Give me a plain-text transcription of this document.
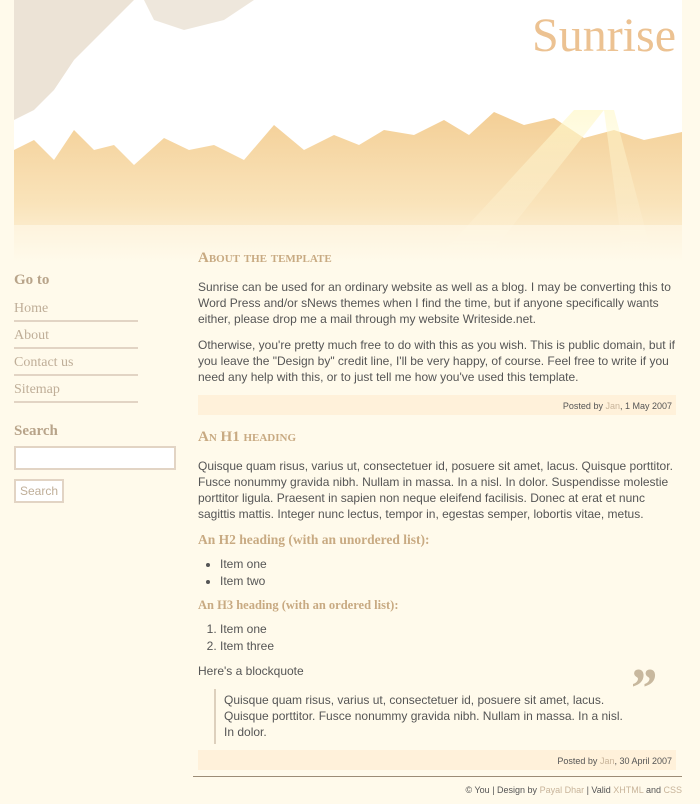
Sunrise
Go to
Home
About
Contact us
Sitemap
Search
Search
About the template

Sunrise can be used for an ordinary website as well as a blog. I may be converting this to Word Press and/or sNews themes when I find the time, but if anyone specifically wants either, please drop me a mail through my website Writeside.net.

Otherwise, you're pretty much free to do with this as you wish. This is public domain, but if you leave the "Design by" credit line, I'll be very happy, of course. Feel free to write if you need any help with this, or to just tell me how you've used this template.

Posted by Jan, 1 May 2007
An H1 heading

Quisque quam risus, varius ut, consectetuer id, posuere sit amet, lacus. Quisque porttitor. Fusce nonummy gravida nibh. Nullam in massa. In a nisl. In dolor. Suspendisse molestie porttitor ligula. Praesent in sapien non neque eleifend facilisis. Donec at erat et nunc sagittis mattis. Integer nunc lectus, tempor in, egestas semper, lobortis vitae, metus.

An H2 heading (with an unordered list):
• Item one
• Item two
An H3 heading (with an ordered list):
1. Item one
2. Item three

Here's a blockquote

Quisque quam risus, varius ut, consectetuer id, posuere sit amet, lacus. Quisque porttitor. Fusce nonummy gravida nibh. Nullam in massa. In a nisl. In dolor.
”
Posted by Jan, 30 April 2007
© You | Design by Payal Dhar | Valid XHTML and CSS
